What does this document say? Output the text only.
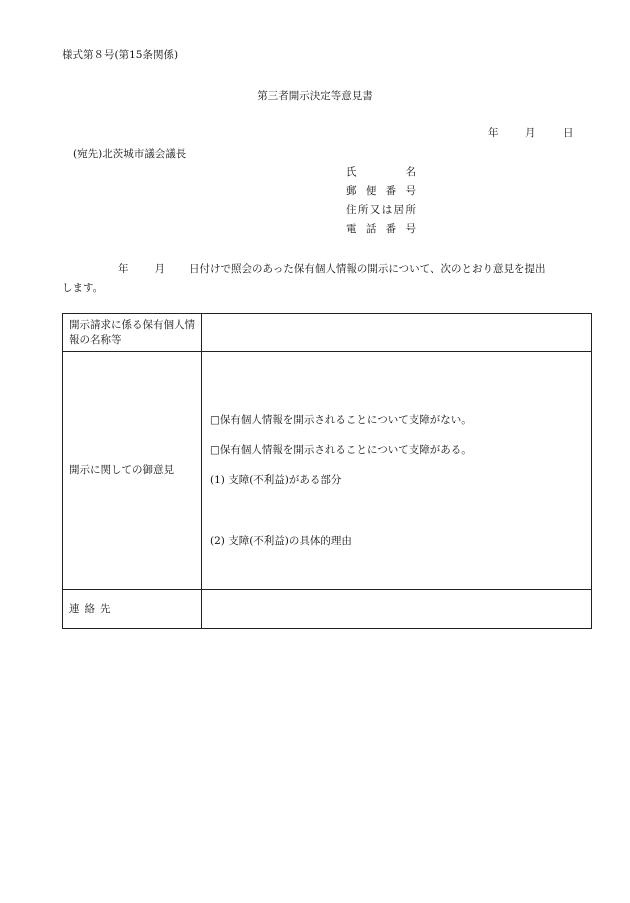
様式第８号(第15条関係)
第三者開示決定等意見書
年	月	日
(宛先)北茨城市議会議長
氏名
郵便番号
住所又は居所
電話番号
年 月 日付けで照会のあった保有個人情報の開示について、次のとおり意見を提出
します。
開示請求に係る保有個人情報の名称等	
開示に関しての御意見	□保有個人情報を開示されることについて支障がない。
□保有個人情報を開示されることについて支障がある。
(1) 支障(不利益)がある部分
(2) 支障(不利益)の具体的理由

連絡先	
